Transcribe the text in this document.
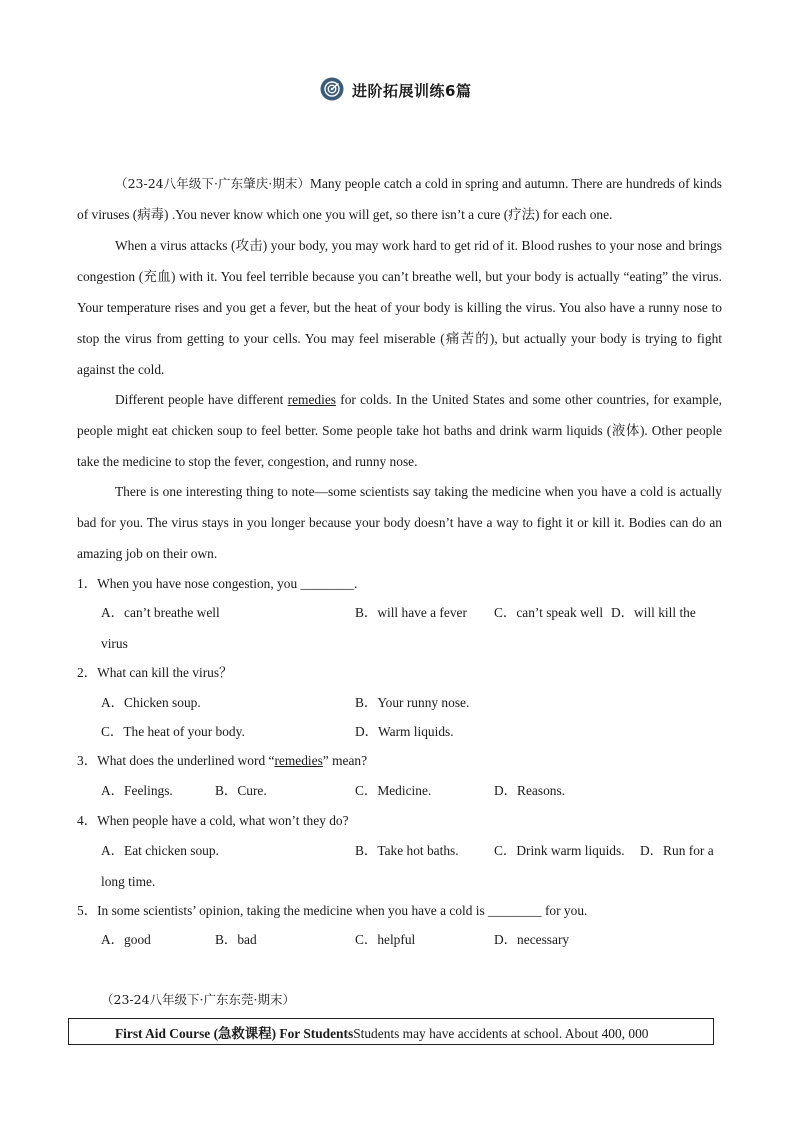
进阶拓展训练6篇

（23-24八年级下·广东肇庆·期末）Many people catch a cold in spring and autumn. There are hundreds of kinds of viruses (病毒) .You never know which one you will get, so there isn’t a cure (疗法) for each one.

When a virus attacks (攻击) your body, you may work hard to get rid of it. Blood rushes to your nose and brings congestion (充血) with it. You feel terrible because you can’t breathe well, but your body is actually “eating” the virus. Your temperature rises and you get a fever, but the heat of your body is killing the virus. You also have a runny nose to stop the virus from getting to your cells. You may feel miserable (痛苦的), but actually your body is trying to fight against the cold.

Different people have different remedies for colds. In the United States and some other countries, for example, people might eat chicken soup to feel better. Some people take hot baths and drink warm liquids (液体). Other people take the medicine to stop the fever, congestion, and runny nose.

There is one interesting thing to note—some scientists say taking the medicine when you have a cold is actually bad for you. The virus stays in you longer because your body doesn’t have a way to fight it or kill it. Bodies can do an amazing job on their own.

1．When you have nose congestion, you ________.
A．can’t breathe well	B．will have a fever C．can’t speak well D．will kill the
virus
2．What can kill the virus？
A．Chicken soup.	B．Your runny nose.
C．The heat of your body.	D．Warm liquids.
3．What does the underlined word “remedies” mean?
A．Feelings.	B．Cure.	C．Medicine.	D．Reasons.
4．When people have a cold, what won’t they do?
A．Eat chicken soup.	B．Take hot baths.	C．Drink warm liquids. D．Run for a
long time.
5．In some scientists’ opinion, taking the medicine when you have a cold is ________ for you.
A．good	B．bad	C．helpful	D．necessary
（23-24八年级下·广东东莞·期末）
First Aid Course (急救课程) For StudentsStudents may have accidents at school. About 400, 000
